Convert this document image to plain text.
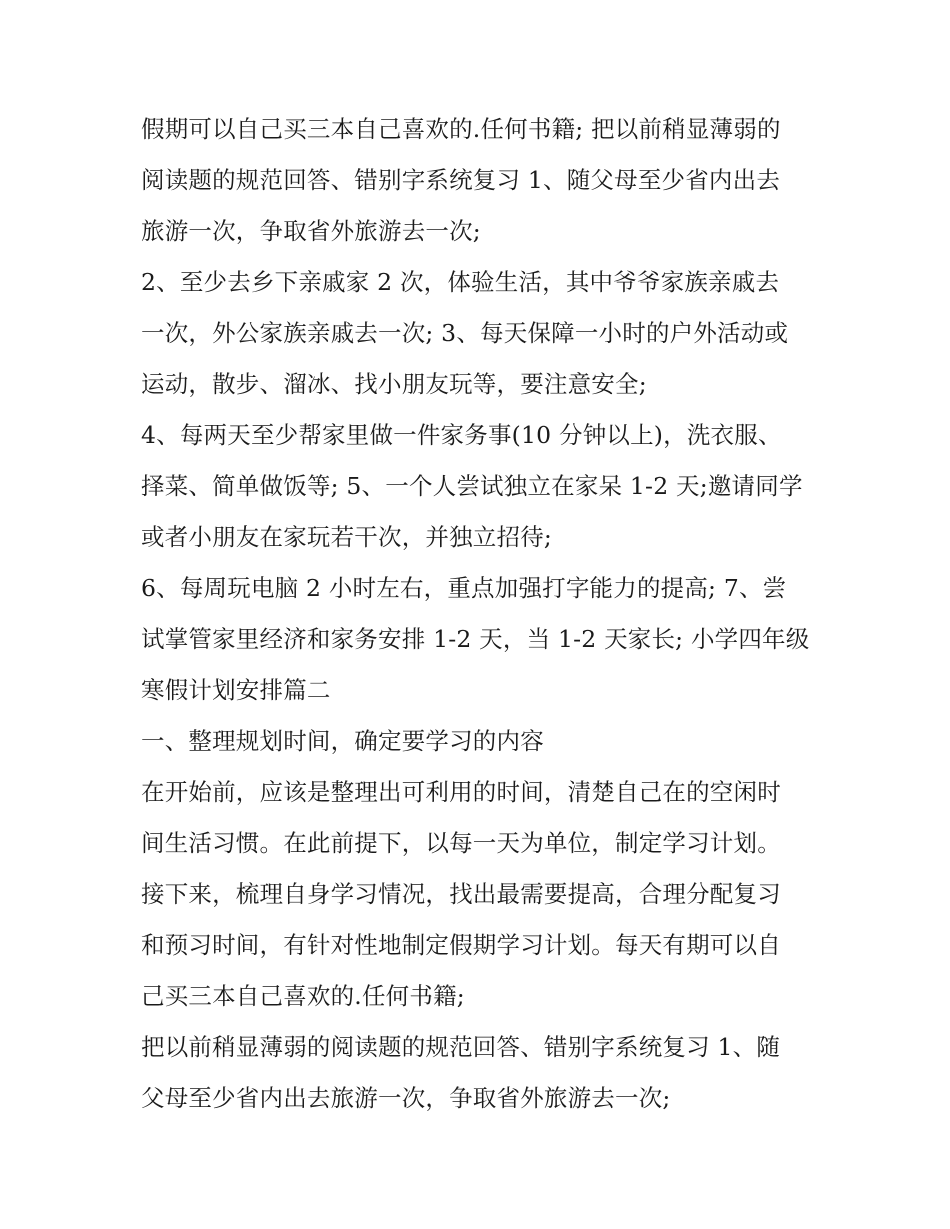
假期可以自己买三本自己喜欢的.任何书籍; 把以前稍显薄弱的
阅读题的规范回答、错别字系统复习 1、随父母至少省内出去
旅游一次，争取省外旅游去一次;

2、至少去乡下亲戚家 2 次，体验生活，其中爷爷家族亲戚去
一次，外公家族亲戚去一次; 3、每天保障一小时的户外活动或
运动，散步、溜冰、找小朋友玩等，要注意安全;

4、每两天至少帮家里做一件家务事(10 分钟以上)，洗衣服、
择菜、简单做饭等; 5、一个人尝试独立在家呆 1-2 天;邀请同学
或者小朋友在家玩若干次，并独立招待;

6、每周玩电脑 2 小时左右，重点加强打字能力的提高; 7、尝
试掌管家里经济和家务安排 1-2 天，当 1-2 天家长; 小学四年级
寒假计划安排篇二

一、整理规划时间，确定要学习的内容

在开始前，应该是整理出可利用的时间，清楚自己在的空闲时
间生活习惯。在此前提下，以每一天为单位，制定学习计划。
接下来，梳理自身学习情况，找出最需要提高，合理分配复习
和预习时间，有针对性地制定假期学习计划。每天有期可以自
己买三本自己喜欢的.任何书籍;

把以前稍显薄弱的阅读题的规范回答、错别字系统复习 1、随
父母至少省内出去旅游一次，争取省外旅游去一次;
